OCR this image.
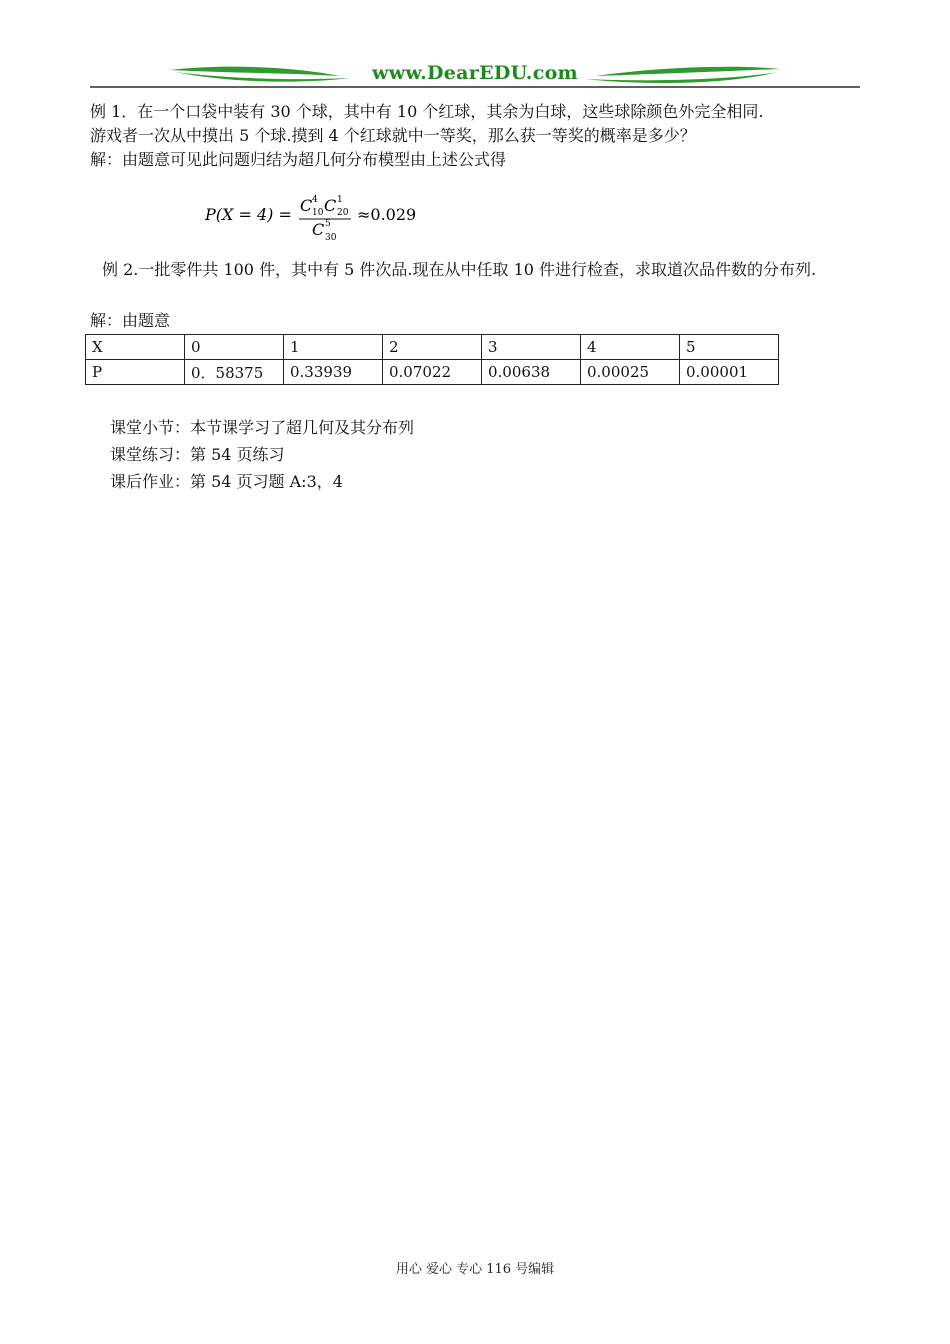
www.DearEDU.com

例 1．在一个口袋中装有 30 个球，其中有 10 个红球，其余为白球，这些球除颜色外完全相同.

游戏者一次从中摸出 5 个球.摸到 4 个红球就中一等奖，那么获一等奖的概率是多少？

解：由题意可见此问题归结为超几何分布模型由上述公式得

P(X = 4) = C 4
10 C 1
20
C 5
30
≈0.029
例 2.一批零件共 100 件，其中有 5 件次品.现在从中任取 10 件进行检查，求取道次品件数的分布列.
解：由题意
X	0	1	2	3	4	5
P	0．58375	0.33939	0.07022	0.00638	0.00025	0.00001
课堂小节：本节课学习了超几何及其分布列
课堂练习：第 54 页练习
课后作业：第 54 页习题 A:3，4
用心 爱心 专心 116 号编辑
